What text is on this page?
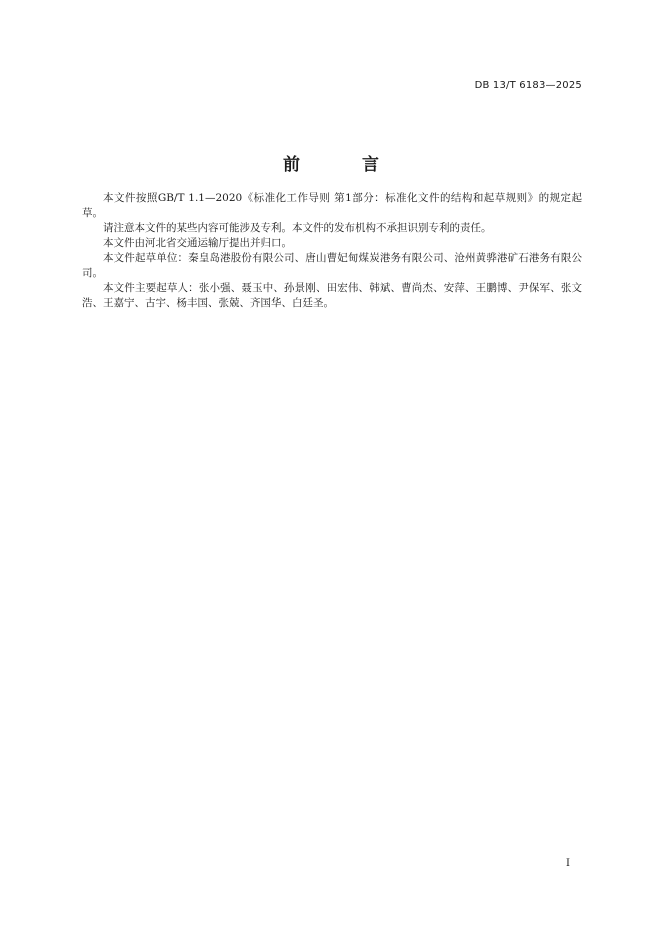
DB 13/T 6183—2025
前 言

本文件按照GB/T 1.1—2020《标准化工作导则 第1部分：标准化文件的结构和起草规则》的规定起草。

请注意本文件的某些内容可能涉及专利。本文件的发布机构不承担识别专利的责任。

本文件由河北省交通运输厅提出并归口。

本文件起草单位：秦皇岛港股份有限公司、唐山曹妃甸煤炭港务有限公司、沧州黄骅港矿石港务有限公司。

本文件主要起草人：张小强、聂玉中、孙景刚、田宏伟、韩斌、曹尚杰、安萍、王鹏博、尹保军、张文浩、王嘉宁、古宇、杨丰国、张兢、齐国华、白廷圣。

I
